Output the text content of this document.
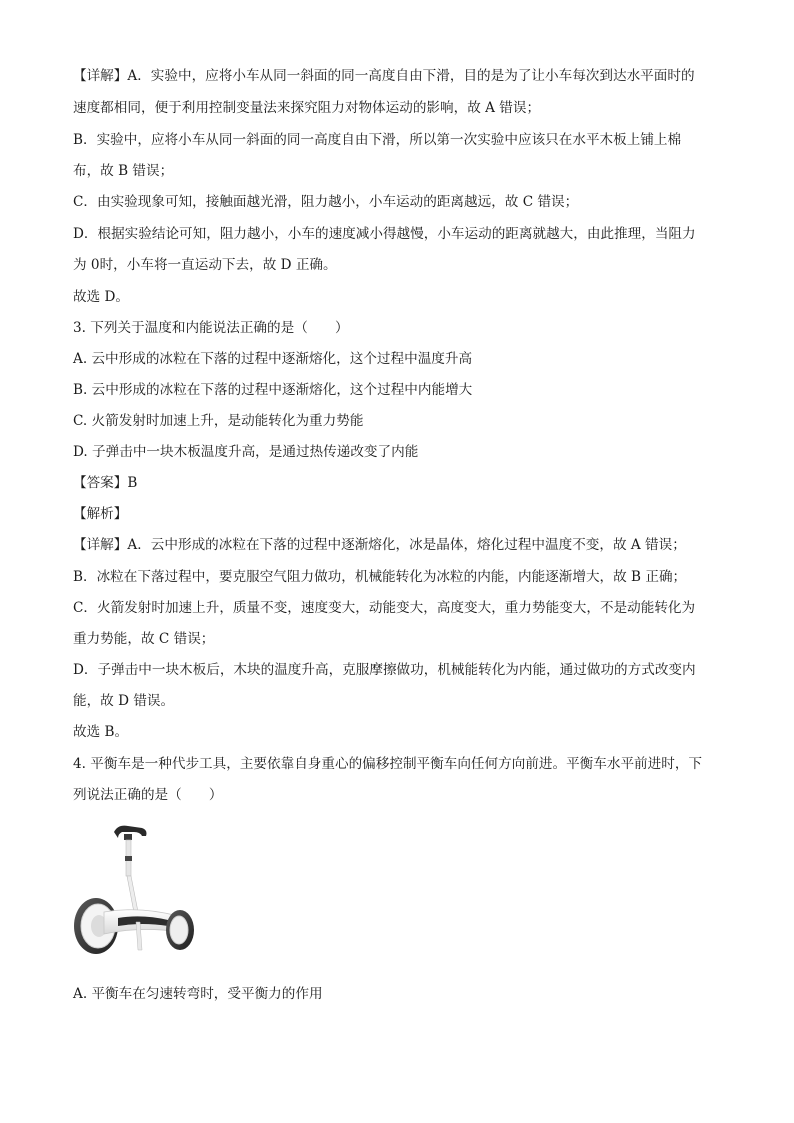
【详解】A．实验中，应将小车从同一斜面的同一高度自由下滑，目的是为了让小车每次到达水平面时的
速度都相同，便于利用控制变量法来探究阻力对物体运动的影响，故 A 错误；
B．实验中，应将小车从同一斜面的同一高度自由下滑，所以第一次实验中应该只在水平木板上铺上棉
布，故 B 错误；
C．由实验现象可知，接触面越光滑，阻力越小，小车运动的距离越远，故 C 错误；
D．根据实验结论可知，阻力越小，小车的速度减小得越慢，小车运动的距离就越大，由此推理，当阻力
为 0时，小车将一直运动下去，故 D 正确。
故选 D。
3. 下列关于温度和内能说法正确的是（　　）
A. 云中形成的冰粒在下落的过程中逐渐熔化，这个过程中温度升高
B. 云中形成的冰粒在下落的过程中逐渐熔化，这个过程中内能增大
C. 火箭发射时加速上升，是动能转化为重力势能
D. 子弹击中一块木板温度升高，是通过热传递改变了内能
【答案】B
【解析】
【详解】A．云中形成的冰粒在下落的过程中逐渐熔化，冰是晶体，熔化过程中温度不变，故 A 错误；
B．冰粒在下落过程中，要克服空气阻力做功，机械能转化为冰粒的内能，内能逐渐增大，故 B 正确；
C．火箭发射时加速上升，质量不变，速度变大，动能变大，高度变大，重力势能变大，不是动能转化为
重力势能，故 C 错误；
D．子弹击中一块木板后，木块的温度升高，克服摩擦做功，机械能转化为内能，通过做功的方式改变内
能，故 D 错误。
故选 B。
4. 平衡车是一种代步工具，主要依靠自身重心的偏移控制平衡车向任何方向前进。平衡车水平前进时，下
列说法正确的是（　　）
A. 平衡车在匀速转弯时，受平衡力的作用
